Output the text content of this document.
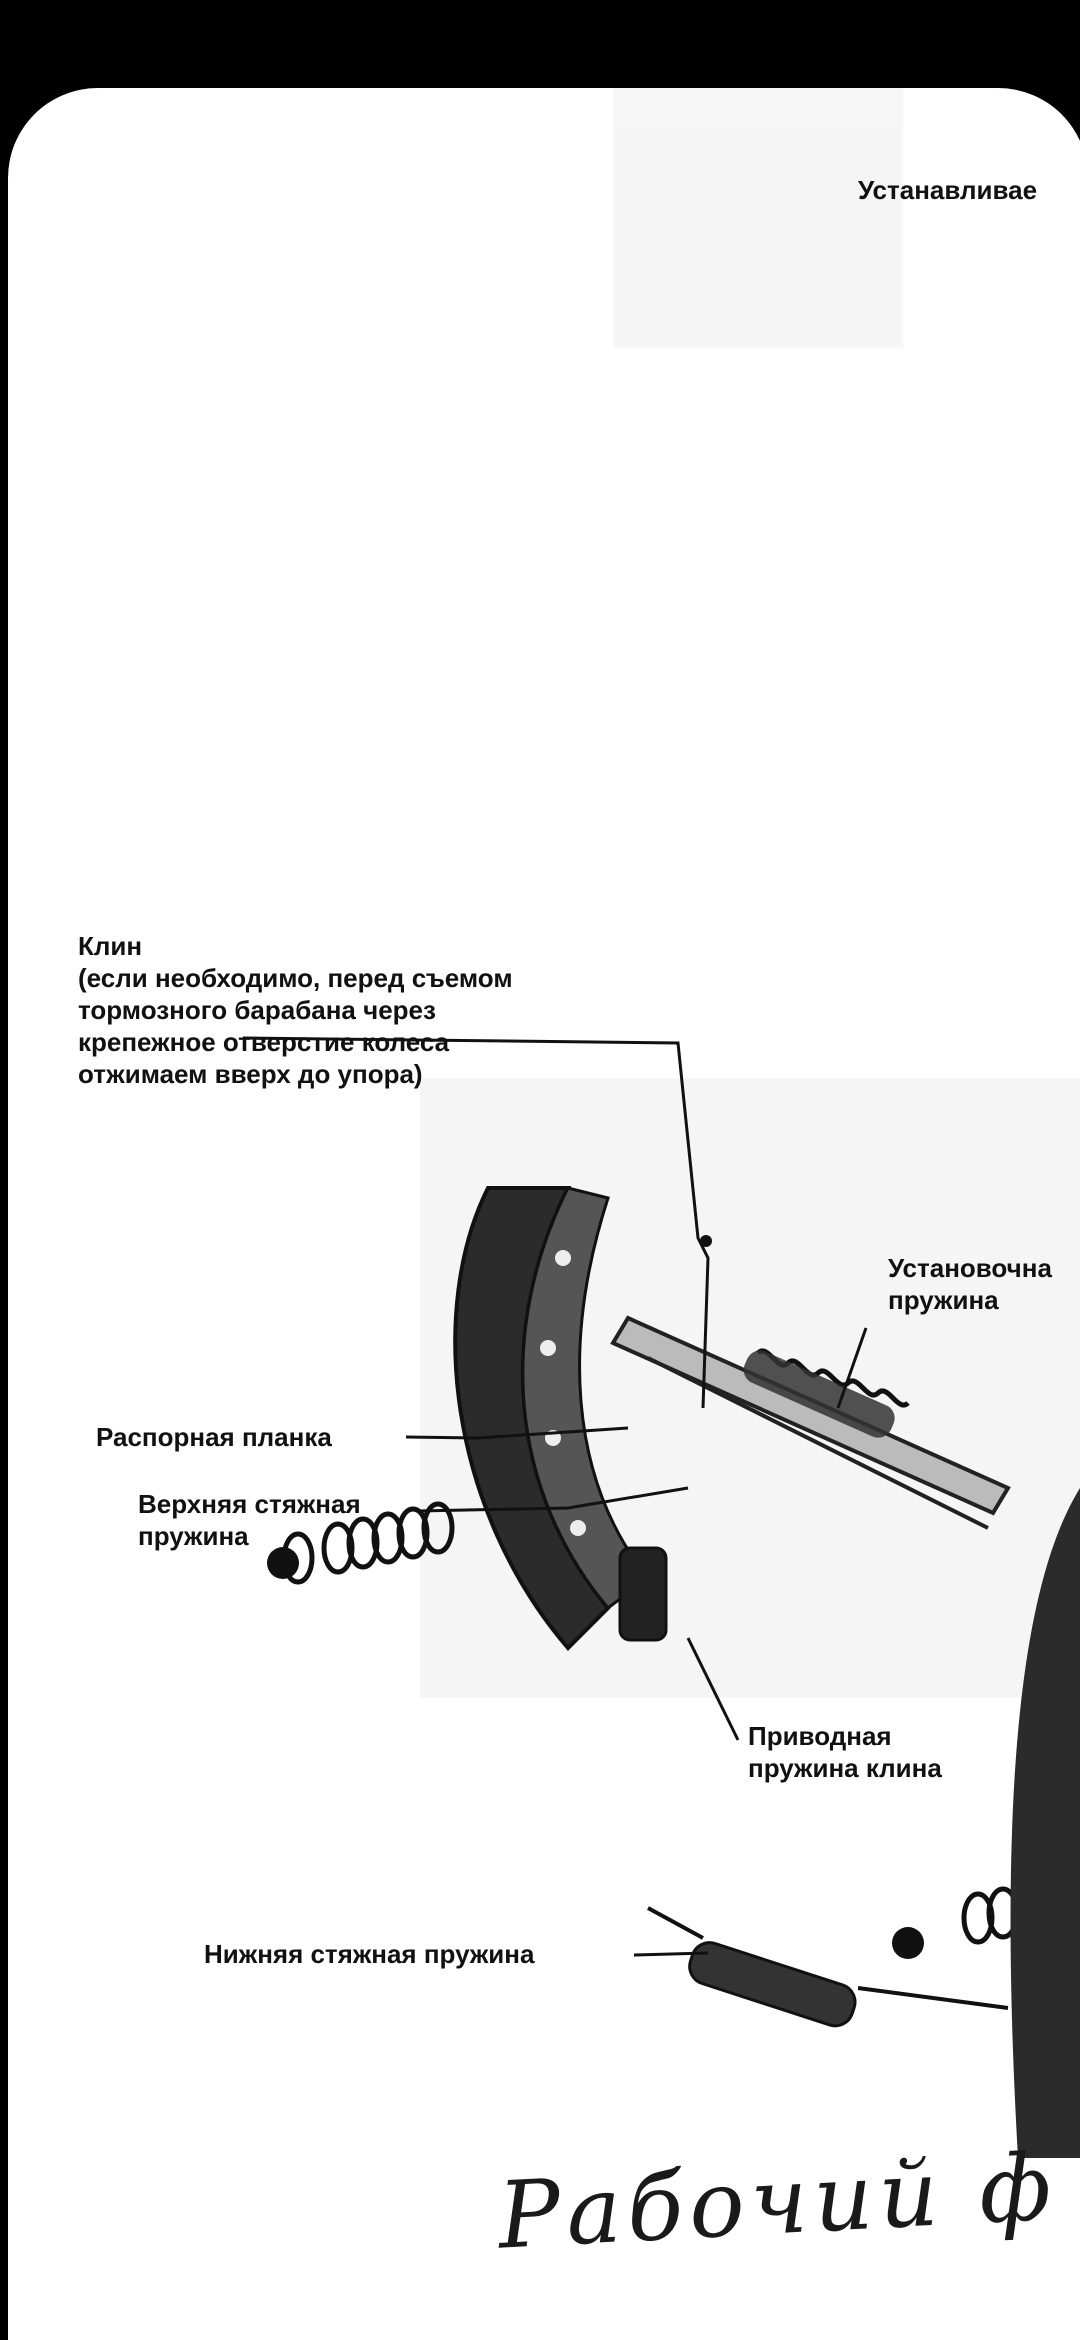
Устанавливае
Клин
(если необходимо, перед съемом
тормозного барабана через
крепежное отверстие колеса
отжимаем вверх до упора)
Установочна
пружина
Распорная планка
Верхняя стяжная
пружина
Приводная
пружина клина
Нижняя стяжная пружина
Рабочий ф
